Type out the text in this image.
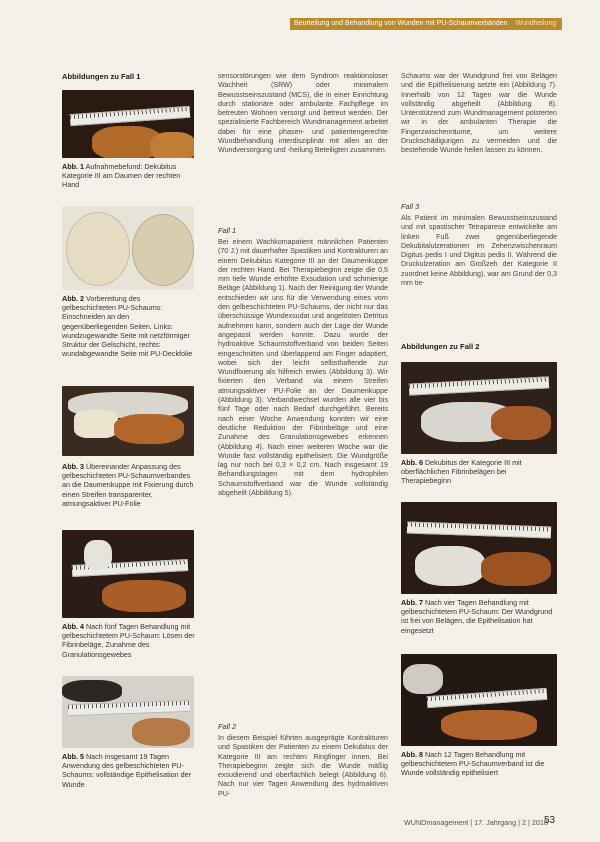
Beurteilung und Behandlung von Wunden mit PU-Schaumverbänden Wundheilung
Abbildungen zu Fall 1
Abb. 1 Aufnahmebefund: Dekubitus Kategorie III am Daumen der rechten Hand
Abb. 2 Vorbereitung des gelbeschichteten PU-Schaums: Einschneiden an den gegenüberliegenden Seiten. Links: wundzugewandte Seite mit netzförmiger Struktur der Gelschicht, rechts: wundabgewandte Seite mit PU-Deckfolie
Abb. 3 Übereinander Anpassung des gelbeschichteten PU-Schaumverbandes an die Daumenkuppe mit Fixierung durch einen Streifen transparenter, atmungsaktiver PU-Folie
Abb. 4 Nach fünf Tagen Behandlung mit gelbeschichtetem PU-Schaum: Lösen der Fibrinbeläge, Zunahme des Granulationsgewebes
Abb. 5 Nach insgesamt 19 Tagen Anwendung des gelbeschichteten PU-Schaums: vollständige Epithelisation der Wunde
sensorstörungen wie dem Syndrom reaktionsloser Wachheit (SRW) oder minimalem Bewusstseinszustand (MCS), die in einer Einrichtung durch stationäre oder ambulante Fachpflege im betreuten Wohnen versorgt und betreut werden. Der spezialisierte Fachbereich Wundmanagement arbeitet dabei für eine phasen- und patientengerechte Wundbehandlung interdisziplinär mit allen an der Wundversorgung und -heilung Beteiligten zusammen.
Fall 1
Bei einem Wachkomapatient männlichen Patienten (70 J.) mit dauerhafter Spastiken und Kontrakturen an einem Dekubitus Kategorie III an der Daumenkuppe der rechten Hand. Bei Therapiebeginn zeigte die 0,5 mm tiefe Wunde erhöhte Exsudation und schmierige Beläge (Abbildung 1). Nach der Reinigung der Wunde entschieden wir uns für die Verwendung eines vorn den gelbeschichteten PU-Schaums, der nicht nur das überschüssige Wundexsudat und angelösten Detritus aufnehmen kann, sondern auch der Lage der Wunde angepasst werden konnte. Dazu wurde der hydroaktive Schaumstoffverband von beiden Seiten eingeschnitten und überlappend am Finger adaptiert, wobei sich der leicht selbsthaftende zur Wundfixierung als hilfreich erwies (Abbildung 3). Wir fixierten den Verband via einem Streifen atmungsaktiver PU-Folie an der Daumenkuppe (Abbildung 3). Verbandwechsel wurden alle vier bis fünf Tage oder nach Bedarf durchgeführt. Bereits nach einer Woche Anwendung konnten wir eine deutliche Reduktion der Fibrinbeläge und eine Zunahme des Granulationsgewebes erkennen (Abbildung 4). Nach einer weiteren Woche war die Wunde fast vollständig epithelisiert. Die Wundgröße lag nur noch bei 0,3 × 0,2 cm. Nach insgesamt 19 Behandlungstagen mit dem hydrophilen Schaumstoffverband war die Wunde vollständig abgeheilt (Abbildung 5).
Fall 2
In diesem Beispiel führten ausgeprägte Kontrakturen und Spastiken der Patienten zu einem Dekubitus der Kategorie III am rechten Ringfinger innen. Bei Therapiebeginn zeigte sich die Wunde mäßig exsudierend und oberflächlich belegt (Abbildung 6). Nach nur vier Tagen Anwendung des hydroaktiven PU-
Schaums war der Wundgrund frei von Belägen und die Epithelisierung setzte ein (Abbildung 7). Innerhalb von 12 Tagen war die Wunde vollständig abgeheilt (Abbildung 8). Unterstützend zum Wundmanagement polsterten wir in der ambulanten Therapie die Fingerzwischenräume, um weitere Druckschädigungen zu vermeiden und die bestehende Wunde heilen lassen zu können.
Fall 3
Als Patient im minimalen Bewusstseinszustand und mit spastischer Tetraparese entwickelte am linken Fuß zwei gegenüberliegende Dekubitalulzerationen im Zehenzwischenraum Digitus pedis I und Digitus pedis II. Während die Druckulzeration am Großzeh der Kategorie II zuordnet keine Abbildung), war am Grund der 0,3 mm tie-
Abbildungen zu Fall 2
Abb. 6 Dekubitus der Kategorie III mit oberflächlichen Fibrinbelägen bei Therapiebeginn
Abb. 7 Nach vier Tagen Behandlung mit gelbeschichtetem PU-Schaum: Der Wundgrund ist frei von Belägen, die Epithelisation hat eingesetzt
Abb. 8 Nach 12 Tagen Behandlung mit gelbeschichtetem PU-Schaumverband ist die Wunde vollständig epithelisiert
WUNDmanagement | 17. Jahrgang | 2 | 2018
53
